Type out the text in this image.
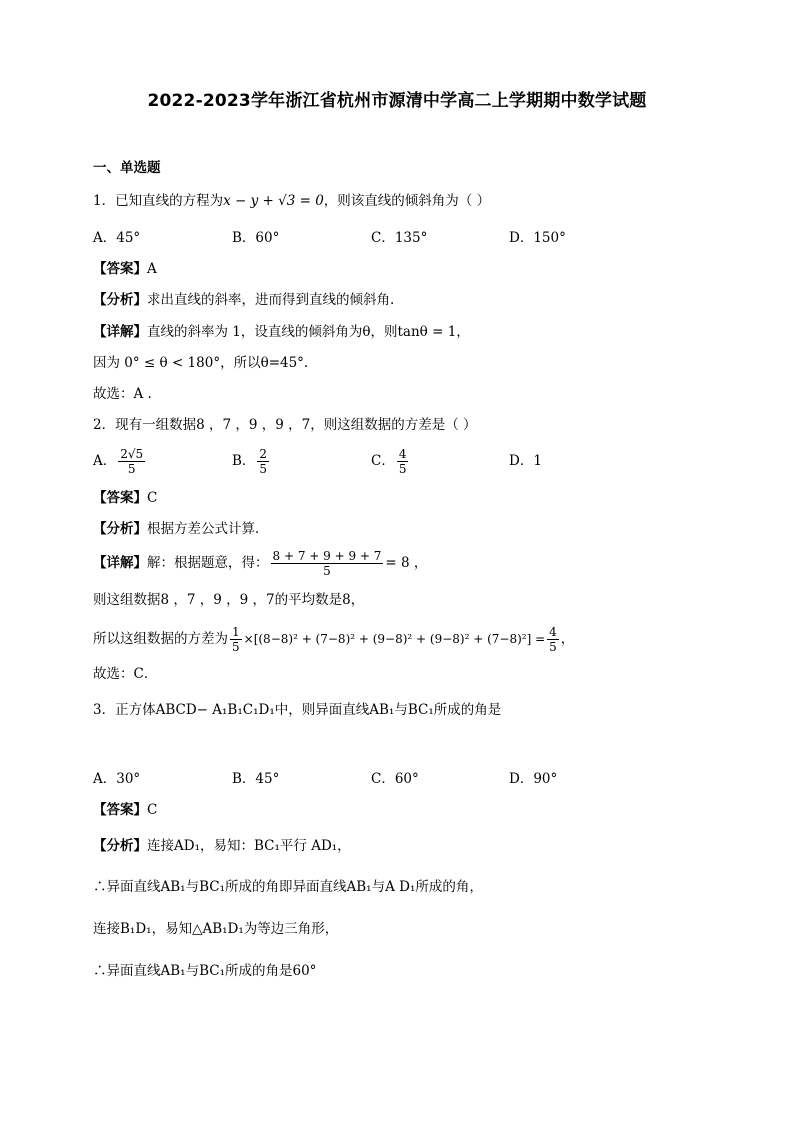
2022-2023学年浙江省杭州市源清中学高二上学期期中数学试题
一、单选题
1．已知直线的方程为x − y + √3 = 0，则该直线的倾斜角为（ ）
A．45°	B．60°	C．135°	D．150°
【答案】A
【分析】求出直线的斜率，进而得到直线的倾斜角.
【详解】直线的斜率为 1，设直线的倾斜角为θ，则tanθ = 1，
因为 0° ≤ θ < 180°，所以θ=45°.
故选：A .
2．现有一组数据8 ，7 ，9 ，9 ，7，则这组数据的方差是（ ）
A． $\frac{2√5}{5}$	B． $\frac{2}{5}$	C． $\frac{4}{5}$	D．1
【答案】C
【分析】根据方差公式计算．
【详解】解：根据题意，得： $\frac{8 + 7 + 9 + 9 + 7}{5} = 8$ ，
则这组数据8 ，7 ，9 ，9 ，7的平均数是8，
所以这组数据的方差为 $\frac{1}{5} \times[(8-8)^2 + (7-8)^2 + (9-8)^2 + (9-8)^2 + (7-8)^2] = \frac{4}{5}$ ，
故选：C．
3．正方体ABCD− A₁B₁C₁D₁中，则异面直线AB₁与BC₁所成的角是
A．30°	B．45°	C．60°	D．90°
【答案】C
【分析】连接AD₁，易知：BC₁平行 AD₁，
∴异面直线AB₁与BC₁所成的角即异面直线AB₁与A D₁所成的角，
连接B₁D₁，易知△AB₁D₁为等边三角形，
∴异面直线AB₁与BC₁所成的角是60°
